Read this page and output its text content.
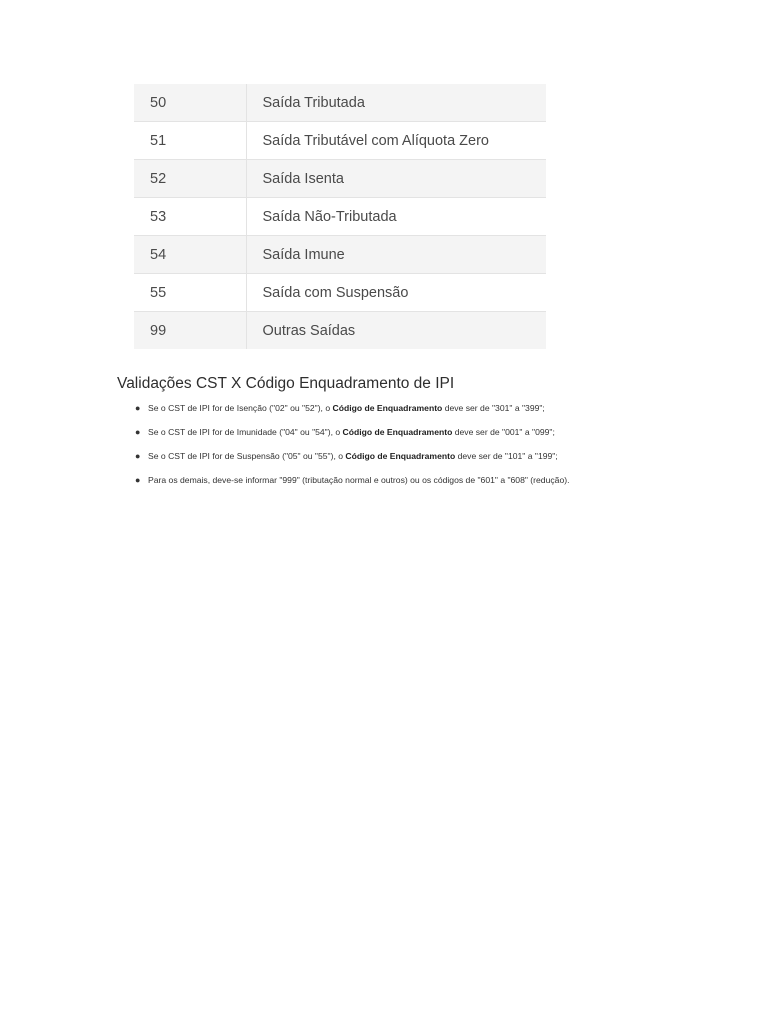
50	Saída Tributada
51	Saída Tributável com Alíquota Zero
52	Saída Isenta
53	Saída Não-Tributada
54	Saída Imune
55	Saída com Suspensão
99	Outras Saídas
Validações CST X Código Enquadramento de IPI
● Se o CST de IPI for de Isenção ("02" ou "52"), o Código de Enquadramento deve ser de "301" a "399";
● Se o CST de IPI for de Imunidade ("04" ou "54"), o Código de Enquadramento deve ser de "001" a "099";
● Se o CST de IPI for de Suspensão ("05" ou "55"), o Código de Enquadramento deve ser de "101" a "199";
● Para os demais, deve-se informar "999" (tributação normal e outros) ou os códigos de "601" a "608" (redução).
